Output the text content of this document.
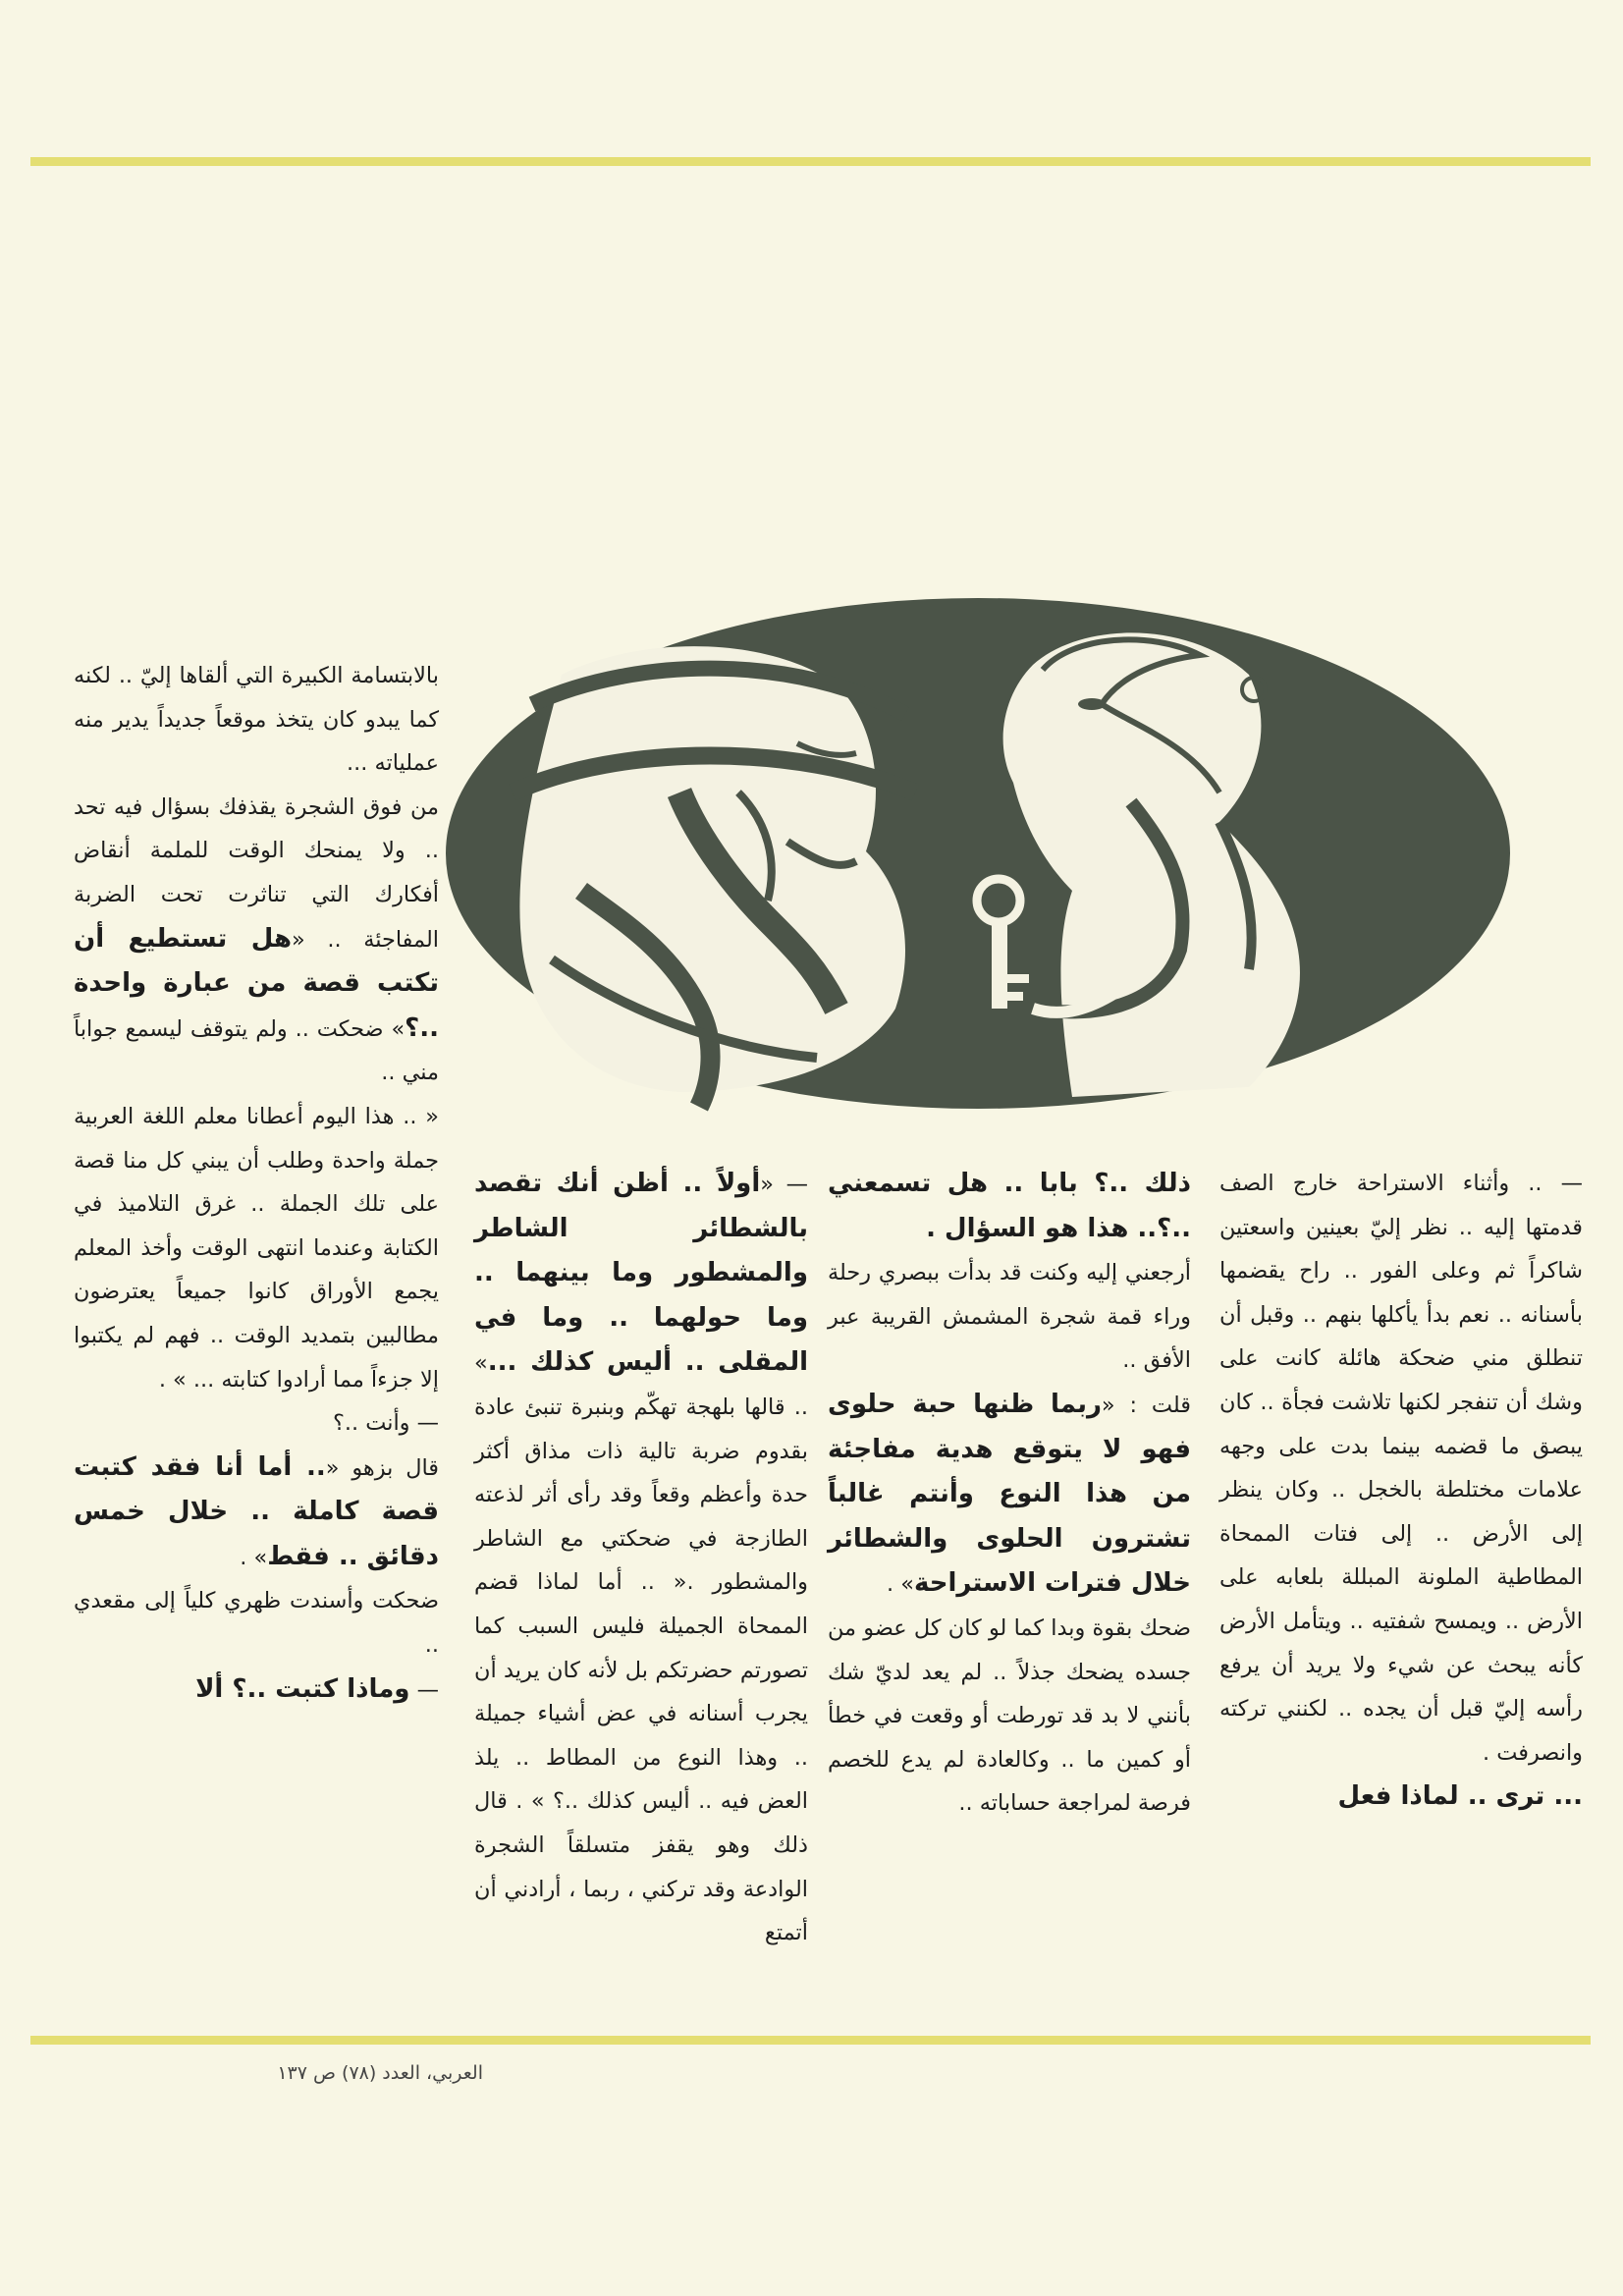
— .. وأثناء الاستراحة خارج الصف قدمتها إليه .. نظر إليّ بعينين واسعتين شاكراً ثم وعلى الفور .. راح يقضمها بأسنانه .. نعم بدأ يأكلها بنهم .. وقبل أن تنطلق مني ضحكة هائلة كانت على وشك أن تنفجر لكنها تلاشت فجأة .. كان يبصق ما قضمه بينما بدت على وجهه علامات مختلطة بالخجل .. وكان ينظر إلى الأرض .. إلى فتات الممحاة المطاطية الملونة المبللة بلعابه على الأرض .. ويمسح شفتيه .. ويتأمل الأرض كأنه يبحث عن شيء ولا يريد أن يرفع رأسه إليّ قبل أن يجده .. لكنني تركته وانصرفت .

... ترى .. لماذا فعل

ذلك ..؟ بابا .. هل تسمعني ..؟.. هذا هو السؤال .

أرجعني إليه وكنت قد بدأت ببصري رحلة وراء قمة شجرة المشمش القريبة عبر الأفق ..

قلت : «ربما ظنها حبة حلوى فهو لا يتوقع هدية مفاجئة من هذا النوع وأنتم غالباً تشترون الحلوى والشطائر خلال فترات الاستراحة» .

ضحك بقوة وبدا كما لو كان كل عضو من جسده يضحك جذلاً .. لم يعد لديّ شك بأنني لا بد قد تورطت أو وقعت في خطأ أو كمين ما .. وكالعادة لم يدع للخصم فرصة لمراجعة حساباته ..

— «أولاً .. أظن أنك تقصد بالشطائر الشاطر والمشطور وما بينهما .. وما حولهما .. وما في المقلى .. أليس كذلك ...» .. قالها بلهجة تهكّم وبنبرة تنبئ عادة بقدوم ضربة تالية ذات مذاق أكثر حدة وأعظم وقعاً وقد رأى أثر لذعته الطازجة في ضحكتي مع الشاطر والمشطور .« .. أما لماذا قضم الممحاة الجميلة فليس السبب كما تصورتم حضرتكم بل لأنه كان يريد أن يجرب أسنانه في عض أشياء جميلة .. وهذا النوع من المطاط .. يلذ العض فيه .. أليس كذلك ..؟ » . قال ذلك وهو يقفز متسلقاً الشجرة الوادعة وقد تركني ، ربما ، أرادني أن أتمتع

بالابتسامة الكبيرة التي ألقاها إليّ .. لكنه كما يبدو كان يتخذ موقعاً جديداً يدير منه عملياته ...

من فوق الشجرة يقذفك بسؤال فيه تحد .. ولا يمنحك الوقت للملمة أنقاض أفكارك التي تناثرت تحت الضربة المفاجئة .. «هل تستطيع أن تكتب قصة من عبارة واحدة ..؟» ضحكت .. ولم يتوقف ليسمع جواباً مني ..

« .. هذا اليوم أعطانا معلم اللغة العربية جملة واحدة وطلب أن يبني كل منا قصة على تلك الجملة .. غرق التلاميذ في الكتابة وعندما انتهى الوقت وأخذ المعلم يجمع الأوراق كانوا جميعاً يعترضون مطالبين بتمديد الوقت .. فهم لم يكتبوا إلا جزءاً مما أرادوا كتابته ... » .

— وأنت ..؟

قال بزهو «.. أما أنا فقد كتبت قصة كاملة .. خلال خمس دقائق .. فقط» .

ضحكت وأسندت ظهري كلياً إلى مقعدي ..

— وماذا كتبت ..؟ ألا

العربي، العدد (٧٨) ص ١٣٧
